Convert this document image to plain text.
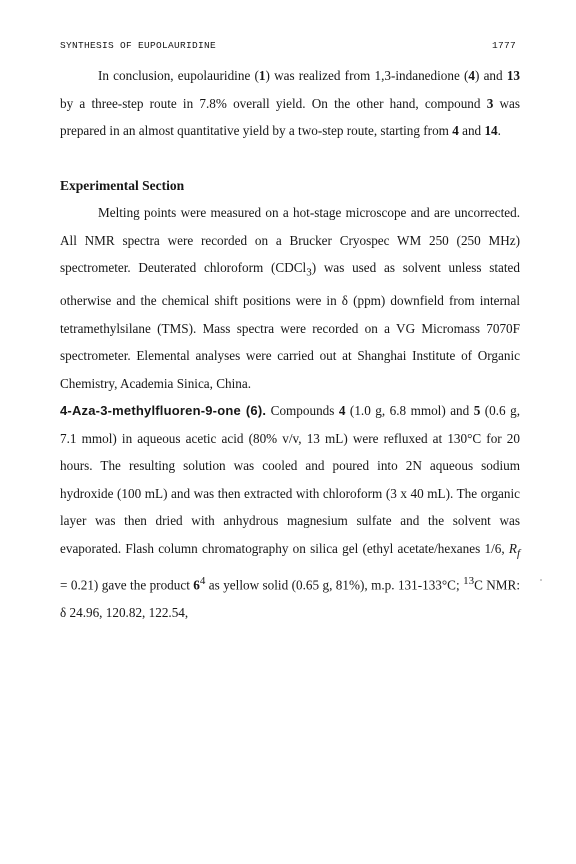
SYNTHESIS OF EUPOLAURIDINE	1777

In conclusion, eupolauridine (1) was realized from 1,3-indanedione (4) and 13 by a three-step route in 7.8% overall yield. On the other hand, compound 3 was prepared in an almost quantitative yield by a two-step route, starting from 4 and 14.

Experimental Section

Melting points were measured on a hot-stage microscope and are uncorrected. All NMR spectra were recorded on a Brucker Cryospec WM 250 (250 MHz) spectrometer. Deuterated chloroform (CDCl$_3$) was used as solvent unless stated otherwise and the chemical shift positions were in δ (ppm) downfield from internal tetramethylsilane (TMS). Mass spectra were recorded on a VG Micromass 7070F spectrometer. Elemental analyses were carried out at Shanghai Institute of Organic Chemistry, Academia Sinica, China.

4-Aza-3-methylfluoren-9-one (6). Compounds 4 (1.0 g, 6.8 mmol) and 5 (0.6 g, 7.1 mmol) in aqueous acetic acid (80% v/v, 13 mL) were refluxed at 130°C for 20 hours. The resulting solution was cooled and poured into 2N aqueous sodium hydroxide (100 mL) and was then extracted with chloroform (3 x 40 mL). The organic layer was then dried with anhydrous magnesium sulfate and the solvent was evaporated. Flash column chromatography on silica gel (ethyl acetate/hexanes 1/6, $R_f = 0.21$) gave the product $6^4$ as yellow solid (0.65 g, 81%), m.p. 131-133°C; $^{13}$C NMR: δ 24.96, 120.82, 122.54,
